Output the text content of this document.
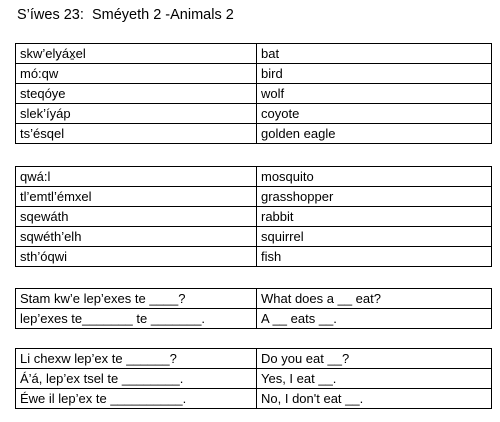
S’íwes 23:  Sméyeth 2 -Animals 2
skw’elyáx̱el	bat
mó:qw	bird
steqóye	wolf
slek’íyáp	coyote
ts’ésqel	golden eagle
qwá:l	mosquito
tl’emtl’émxel	grasshopper
sqewáth	rabbit
sqwéth’elh	squirrel
sth’óqwi	fish
Stam kw’e lep’exes te ____?	What does a __ eat?
lep’exes te_______ te _______.	A __ eats __.
Li chexw lep’ex te ______?	Do you eat __?
Á’á, lep’ex tsel te ________.	Yes, I eat __.
Éwe il lep’ex te __________.	No, I don't eat __.
